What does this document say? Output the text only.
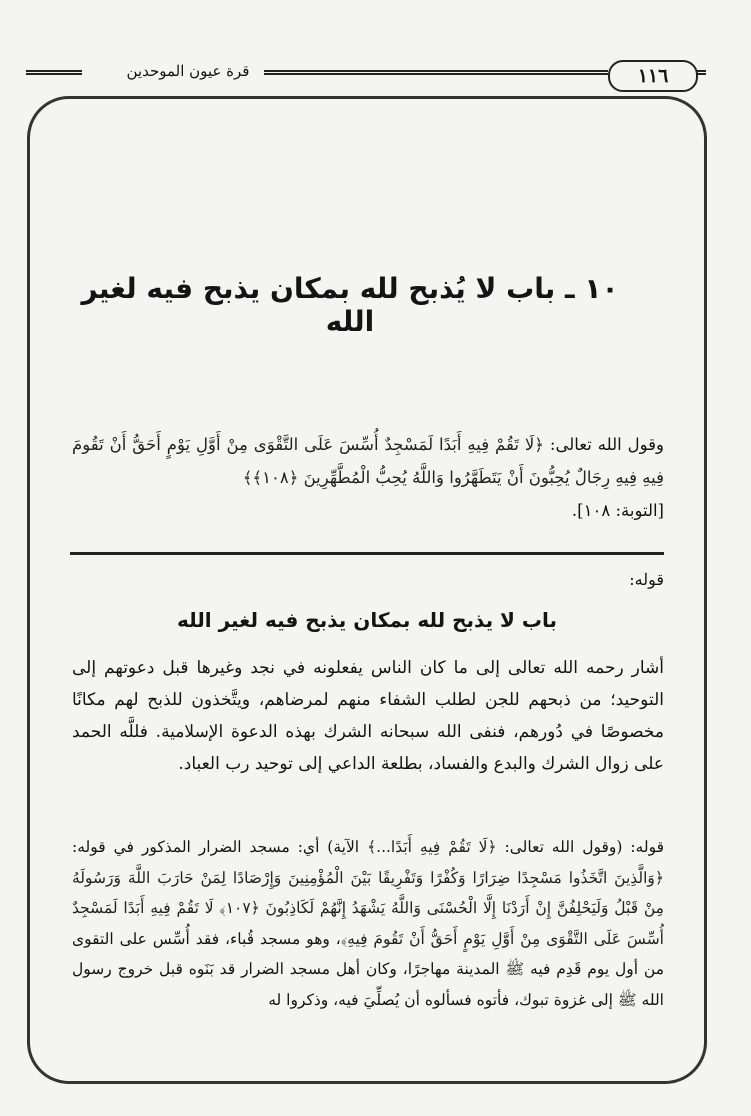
قرة عيون الموحدين	١١٦
١٠ ـ باب لا يُذبح لله بمكان يذبح فيه لغير الله
وقول الله تعالى: ﴿لَا تَقُمْ فِيهِ أَبَدًا لَمَسْجِدٌ أُسِّسَ عَلَى التَّقْوَى مِنْ أَوَّلِ يَوْمٍ أَحَقُّ أَنْ تَقُومَ فِيهِ فِيهِ رِجَالٌ يُحِبُّونَ أَنْ يَتَطَهَّرُوا وَاللَّهُ يُحِبُّ الْمُطَّهِّرِينَ ﴿١٠٨﴾﴾
[التوبة: ١٠٨].
قوله:
باب لا يذبح لله بمكان يذبح فيه لغير الله
أشار رحمه الله تعالى إلى ما كان الناس يفعلونه في نجد وغيرها قبل دعوتهم إلى التوحيد؛ من ذبحهم للجن لطلب الشفاء منهم لمرضاهم، ويتَّخذون للذبح لهم مكانًا مخصوصًا في دُورهم، فنفى الله سبحانه الشرك بهذه الدعوة الإسلامية. فللَّه الحمد على زوال الشرك والبدع والفساد، بطلعة الداعي إلى توحيد رب العباد.
قوله: (وقول الله تعالى: ﴿لَا تَقُمْ فِيهِ أَبَدًا...﴾ الآية) أي: مسجد الضرار المذكور في قوله: ﴿وَالَّذِينَ اتَّخَذُوا مَسْجِدًا ضِرَارًا وَكُفْرًا وَتَفْرِيقًا بَيْنَ الْمُؤْمِنِينَ وَإِرْصَادًا لِمَنْ حَارَبَ اللَّهَ وَرَسُولَهُ مِنْ قَبْلُ وَلَيَحْلِفُنَّ إِنْ أَرَدْنَا إِلَّا الْحُسْنَى وَاللَّهُ يَشْهَدُ إِنَّهُمْ لَكَاذِبُونَ ﴿١٠٧﴾ لَا تَقُمْ فِيهِ أَبَدًا لَمَسْجِدٌ أُسِّسَ عَلَى التَّقْوَى مِنْ أَوَّلِ يَوْمٍ أَحَقُّ أَنْ تَقُومَ فِيهِ﴾، وهو مسجد قُباء، فقد أُسِّس على التقوى من أول يوم قَدِم فيه ﷺ المدينة مهاجرًا، وكان أهل مسجد الضرار قد بَنَوه قبل خروج رسول الله ﷺ إلى غزوة تبوك، فأتوه فسألوه أن يُصلِّيَ فيه، وذكروا له
